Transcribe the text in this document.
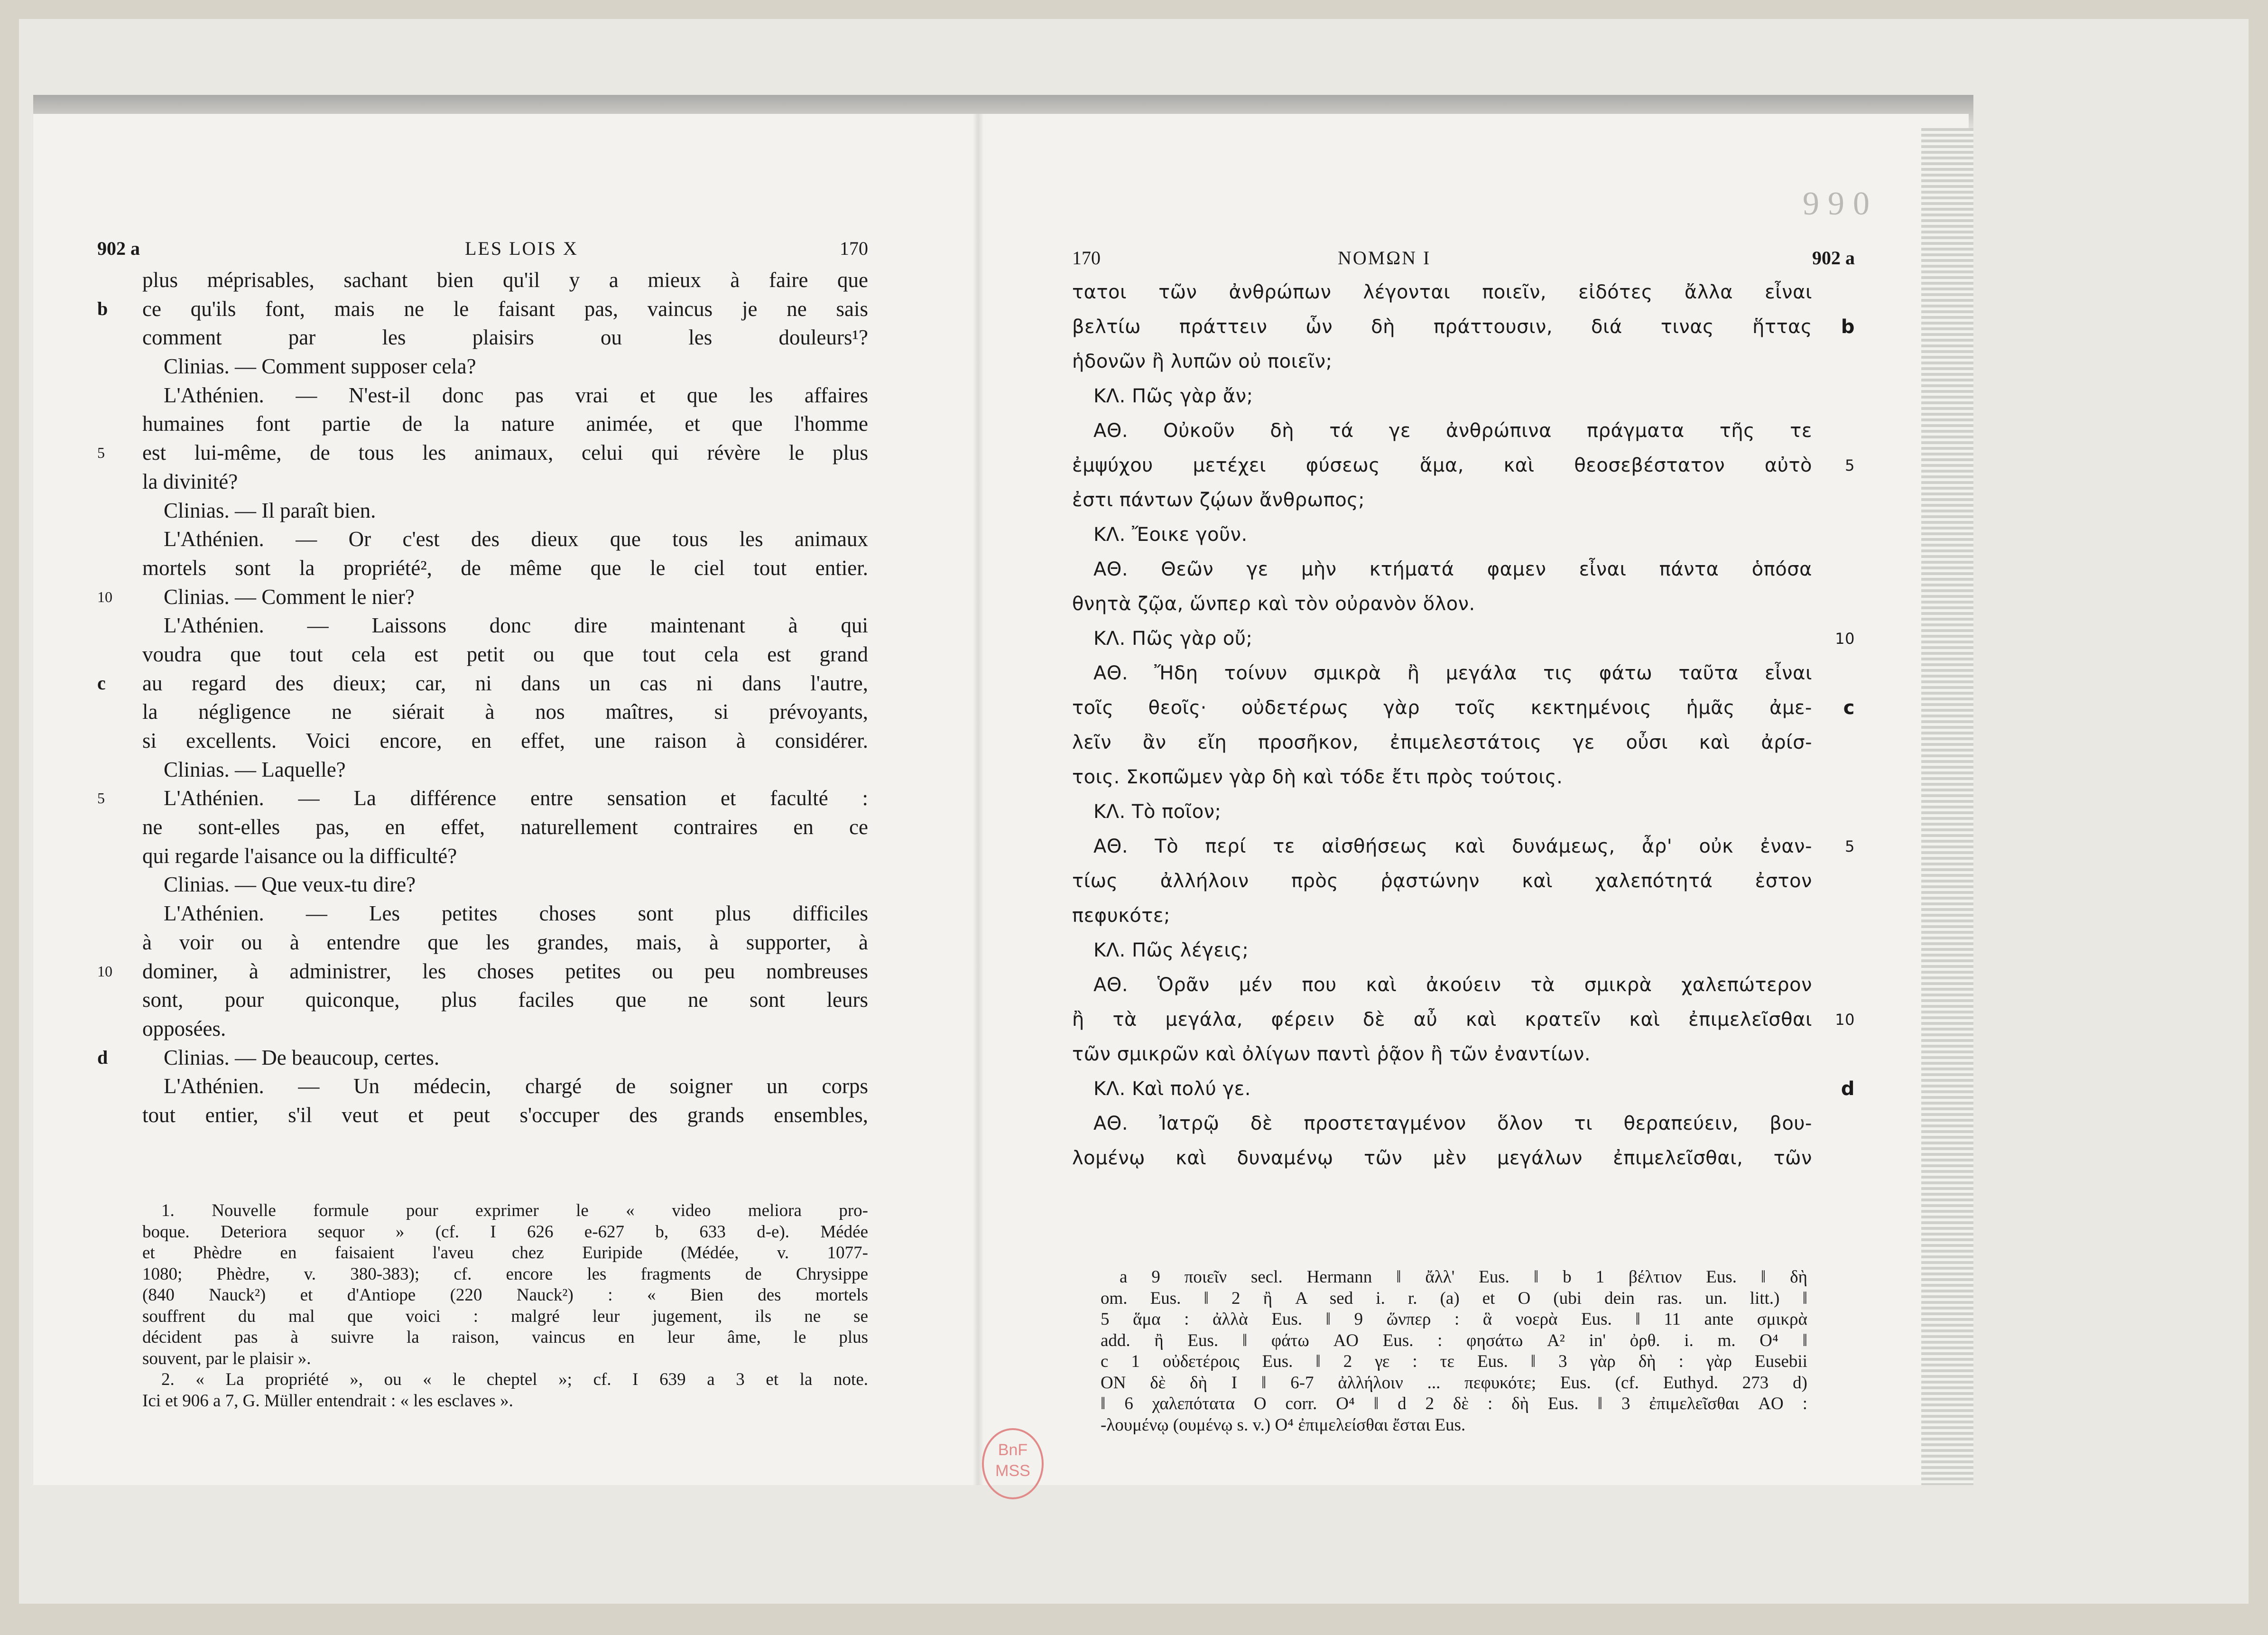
990
902 a	LES LOIS X	170
plus méprisables, sachant bien qu'il y a mieux à faire que
b ce qu'ils font, mais ne le faisant pas, vaincus je ne sais
comment par les plaisirs ou les douleurs¹?
Clinias. — Comment supposer cela?
L'Athénien. — N'est-il donc pas vrai et que les affaires
humaines font partie de la nature animée, et que l'homme
5 est lui-même, de tous les animaux, celui qui révère le plus
la divinité?
Clinias. — Il paraît bien.
L'Athénien. — Or c'est des dieux que tous les animaux
mortels sont la propriété², de même que le ciel tout entier.
10	Clinias. — Comment le nier?
L'Athénien. — Laissons donc dire maintenant à qui
voudra que tout cela est petit ou que tout cela est grand
c au regard des dieux; car, ni dans un cas ni dans l'autre,
la négligence ne siérait à nos maîtres, si prévoyants,
si excellents. Voici encore, en effet, une raison à considérer.
Clinias. — Laquelle?
5	L'Athénien. — La différence entre sensation et faculté :
ne sont-elles pas, en effet, naturellement contraires en ce
qui regarde l'aisance ou la difficulté?
Clinias. — Que veux-tu dire?
L'Athénien. — Les petites choses sont plus difficiles
à voir ou à entendre que les grandes, mais, à supporter, à
10 dominer, à administrer, les choses petites ou peu nombreuses
sont, pour quiconque, plus faciles que ne sont leurs
opposées.
d	Clinias. — De beaucoup, certes.
L'Athénien. — Un médecin, chargé de soigner un corps
tout entier, s'il veut et peut s'occuper des grands ensembles,
1. Nouvelle formule pour exprimer le « video meliora pro-
boque. Deteriora sequor » (cf. I 626 e-627 b, 633 d-e). Médée
et Phèdre en faisaient l'aveu chez Euripide (Médée, v. 1077-
1080; Phèdre, v. 380-383); cf. encore les fragments de Chrysippe
(840 Nauck²) et d'Antiope (220 Nauck²) : « Bien des mortels
souffrent du mal que voici : malgré leur jugement, ils ne se
décident pas à suivre la raison, vaincus en leur âme, le plus
souvent, par le plaisir ».
2. « La propriété », ou « le cheptel »; cf. I 639 a 3 et la note.
Ici et 906 a 7, G. Müller entendrait : « les esclaves ».
170	ΝΟΜΩΝ Ι	902 a
τατοι τῶν ἀνθρώπων λέγονται ποιεῖν, εἰδότες ἄλλα εἶναι
b
βελτίω πράττειν ὧν δὴ πράττουσιν, διά τινας ἥττας
ἡδονῶν ἢ λυπῶν οὐ ποιεῖν;
ΚΛ. Πῶς γὰρ ἄν;
ΑΘ. Οὐκοῦν δὴ τά γε ἀνθρώπινα πράγματα τῆς τε
5
ἐμψύχου μετέχει φύσεως ἅμα, καὶ θεοσεβέστατον αὐτὸ
ἐστι πάντων ζῴων ἄνθρωπος;
ΚΛ. Ἔοικε γοῦν.
ΑΘ. Θεῶν γε μὴν κτήματά φαμεν εἶναι πάντα ὁπόσα
θνητὰ ζῷα, ὥνπερ καὶ τὸν οὐρανὸν ὅλον.
10
ΚΛ. Πῶς γὰρ οὔ;
ΑΘ. Ἤδη τοίνυν σμικρὰ ἢ μεγάλα τις φάτω ταῦτα εἶναι
c
τοῖς θεοῖς· οὐδετέρως γὰρ τοῖς κεκτημένοις ἡμᾶς ἀμε-
λεῖν ἂν εἴη προσῆκον, ἐπιμελεστάτοις γε οὖσι καὶ ἀρίσ-
τοις. Σκοπῶμεν γὰρ δὴ καὶ τόδε ἔτι πρὸς τούτοις.
ΚΛ. Τὸ ποῖον;
5
ΑΘ. Τὸ περί τε αἰσθήσεως καὶ δυνάμεως, ἆρ' οὐκ ἐναν-
τίως ἀλλήλοιν πρὸς ῥᾳστώνην καὶ χαλεπότητά ἐστον
πεφυκότε;
ΚΛ. Πῶς λέγεις;
ΑΘ. Ὁρᾶν μέν που καὶ ἀκούειν τὰ σμικρὰ χαλεπώτερον
10
ἢ τὰ μεγάλα, φέρειν δὲ αὖ καὶ κρατεῖν καὶ ἐπιμελεῖσθαι
τῶν σμικρῶν καὶ ὀλίγων παντὶ ῥᾷον ἢ τῶν ἐναντίων.
d
ΚΛ. Καὶ πολύ γε.
ΑΘ. Ἰατρῷ δὲ προστεταγμένον ὅλον τι θεραπεύειν, βου-
λομένῳ καὶ δυναμένῳ τῶν μὲν μεγάλων ἐπιμελεῖσθαι, τῶν
a 9 ποιεῖν secl. Hermann ‖ ἄλλ' Eus. ‖ b 1 βέλτιον Eus. ‖ δὴ
om. Eus. ‖ 2 ἢ A sed i. r. (a) et O (ubi dein ras. un. litt.) ‖
5 ἅμα : ἀλλὰ Eus. ‖ 9 ὥνπερ : ἃ νοερὰ Eus. ‖ 11 ante σμικρὰ
add. ἢ Eus. ‖ φάτω AO Eus. : φησάτω A² in' ὀρθ. i. m. O⁴ ‖
c 1 οὐδετέροις Eus. ‖ 2 γε : τε Eus. ‖ 3 γὰρ δὴ : γὰρ Eusebii
ON δὲ δὴ I ‖ 6-7 ἀλλήλοιν ... πεφυκότε; Eus. (cf. Euthyd. 273 d)
‖ 6 χαλεπότατα O corr. O⁴ ‖ d 2 δὲ : δὴ Eus. ‖ 3 ἐπιμελεῖσθαι AO :
-λουμένῳ (ουμένῳ s. v.) O⁴ ἐπιμελείσθαι ἔσται Eus.
BnF
MSS
